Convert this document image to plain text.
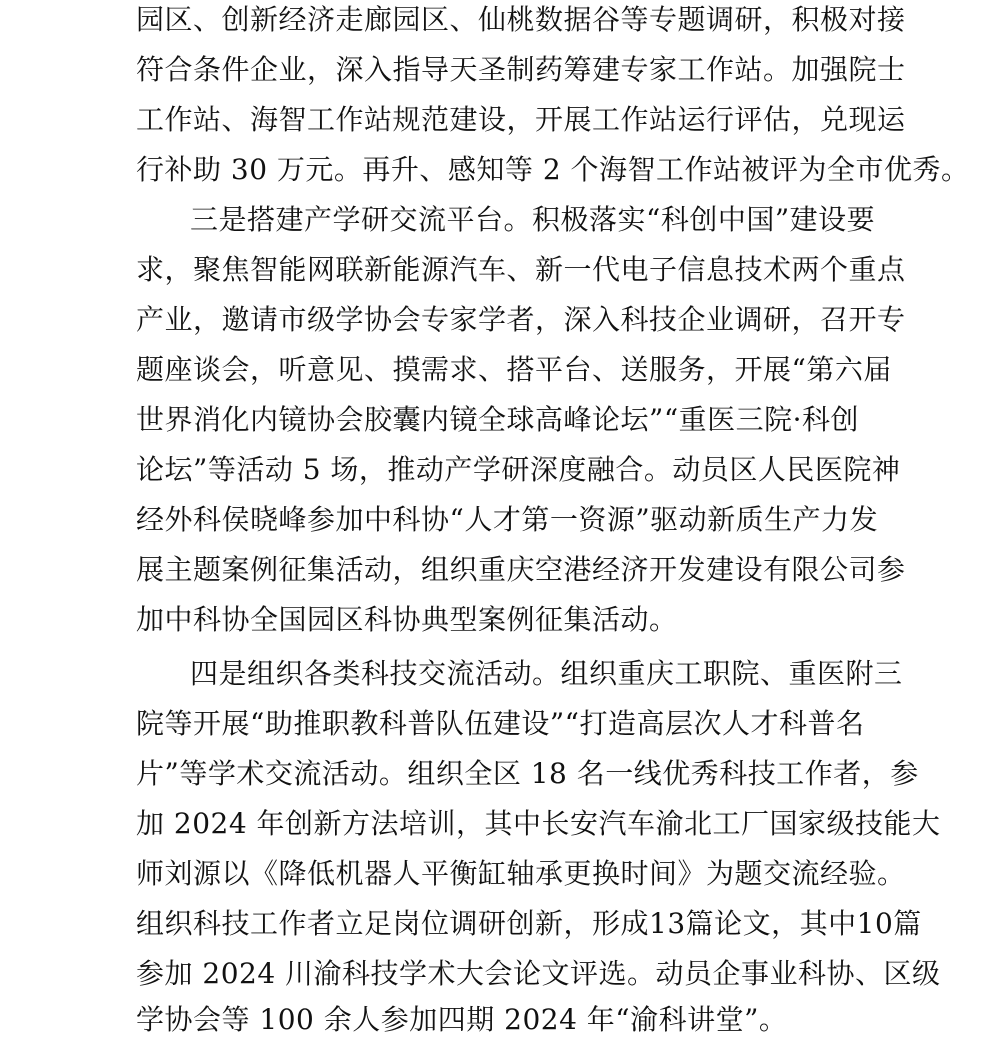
园区、创新经济走廊园区、仙桃数据谷等专题调研，积极对接
符合条件企业，深入指导天圣制药筹建专家工作站。加强院士
工作站、海智工作站规范建设，开展工作站运行评估，兑现运
行补助 30 万元。再升、感知等 2 个海智工作站被评为全市优秀。
三是搭建产学研交流平台。积极落实“科创中国”建设要
求，聚焦智能网联新能源汽车、新一代电子信息技术两个重点
产业，邀请市级学协会专家学者，深入科技企业调研，召开专
题座谈会，听意见、摸需求、搭平台、送服务，开展“第六届
世界消化内镜协会胶囊内镜全球高峰论坛”“重医三院·科创
论坛”等活动 5 场，推动产学研深度融合。动员区人民医院神
经外科侯晓峰参加中科协“人才第一资源”驱动新质生产力发
展主题案例征集活动，组织重庆空港经济开发建设有限公司参
加中科协全国园区科协典型案例征集活动。
四是组织各类科技交流活动。组织重庆工职院、重医附三
院等开展“助推职教科普队伍建设”“打造高层次人才科普名
片”等学术交流活动。组织全区 18 名一线优秀科技工作者，参
加 2024 年创新方法培训，其中长安汽车渝北工厂国家级技能大
师刘源以《降低机器人平衡缸轴承更换时间》为题交流经验。
组织科技工作者立足岗位调研创新，形成13篇论文，其中10篇
参加 2024 川渝科技学术大会论文评选。动员企事业科协、区级
学协会等 100 余人参加四期 2024 年“渝科讲堂”。
